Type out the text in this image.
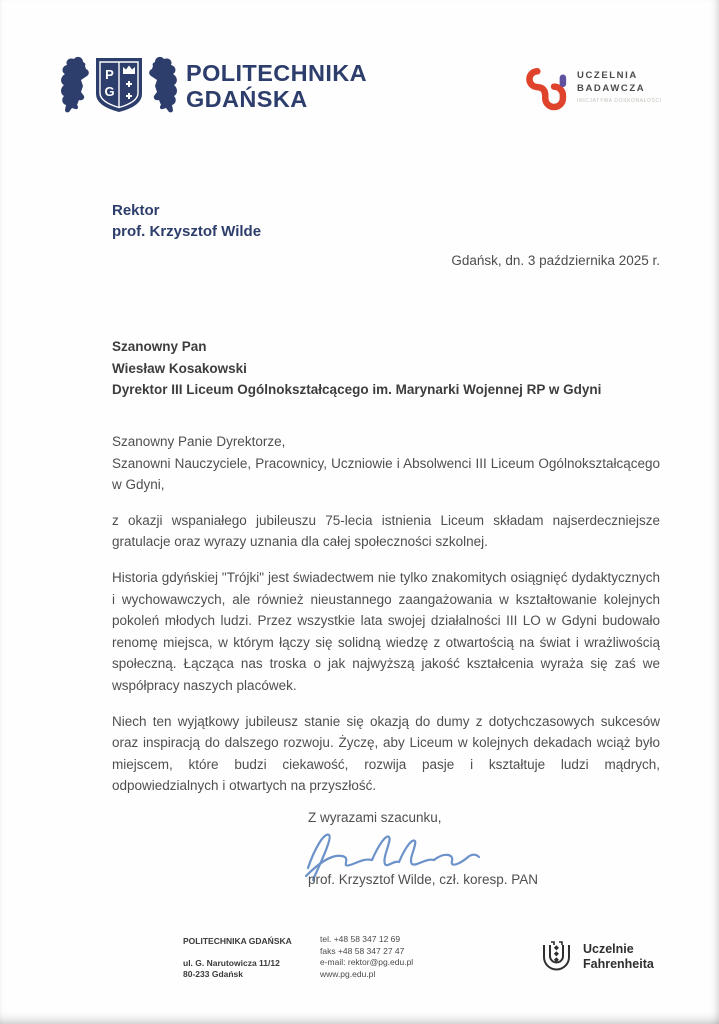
P
G
POLITECHNIKA
GDAŃSKA
UCZELNIA
BADAWCZA
INICJATYWA DOSKONAŁOŚCI
Rektor
prof. Krzysztof Wilde
Gdańsk, dn. 3 października 2025 r.
Szanowny Pan
Wiesław Kosakowski
Dyrektor III Liceum Ogólnokształcącego im. Marynarki Wojennej RP w Gdyni

Szanowny Panie Dyrektorze,

Szanowni Nauczyciele, Pracownicy, Uczniowie i Absolwenci III Liceum Ogólnokształcącego w Gdyni,

z okazji wspaniałego jubileuszu 75-lecia istnienia Liceum składam najserdeczniejsze gratulacje oraz wyrazy uznania dla całej społeczności szkolnej.

Historia gdyńskiej "Trójki" jest świadectwem nie tylko znakomitych osiągnięć dydaktycznych i wychowawczych, ale również nieustannego zaangażowania w kształtowanie kolejnych pokoleń młodych ludzi. Przez wszystkie lata swojej działalności III LO w Gdyni budowało renomę miejsca, w którym łączy się solidną wiedzę z otwartością na świat i wrażliwością społeczną. Łącząca nas troska o jak najwyższą jakość kształcenia wyraża się zaś we współpracy naszych placówek.

Niech ten wyjątkowy jubileusz stanie się okazją do dumy z dotychczasowych sukcesów oraz inspiracją do dalszego rozwoju. Życzę, aby Liceum w kolejnych dekadach wciąż było miejscem, które budzi ciekawość, rozwija pasje i kształtuje ludzi mądrych, odpowiedzialnych i otwartych na przyszłość.

Z wyrazami szacunku,
prof. Krzysztof Wilde, czł. koresp. PAN
POLITECHNIKA GDAŃSKA
ul. G. Narutowicza 11/12
80-233 Gdańsk
tel. +48 58 347 12 69
faks +48 58 347 27 47
e-mail: rektor@pg.edu.pl
www.pg.edu.pl
Uczelnie
Fahrenheita
